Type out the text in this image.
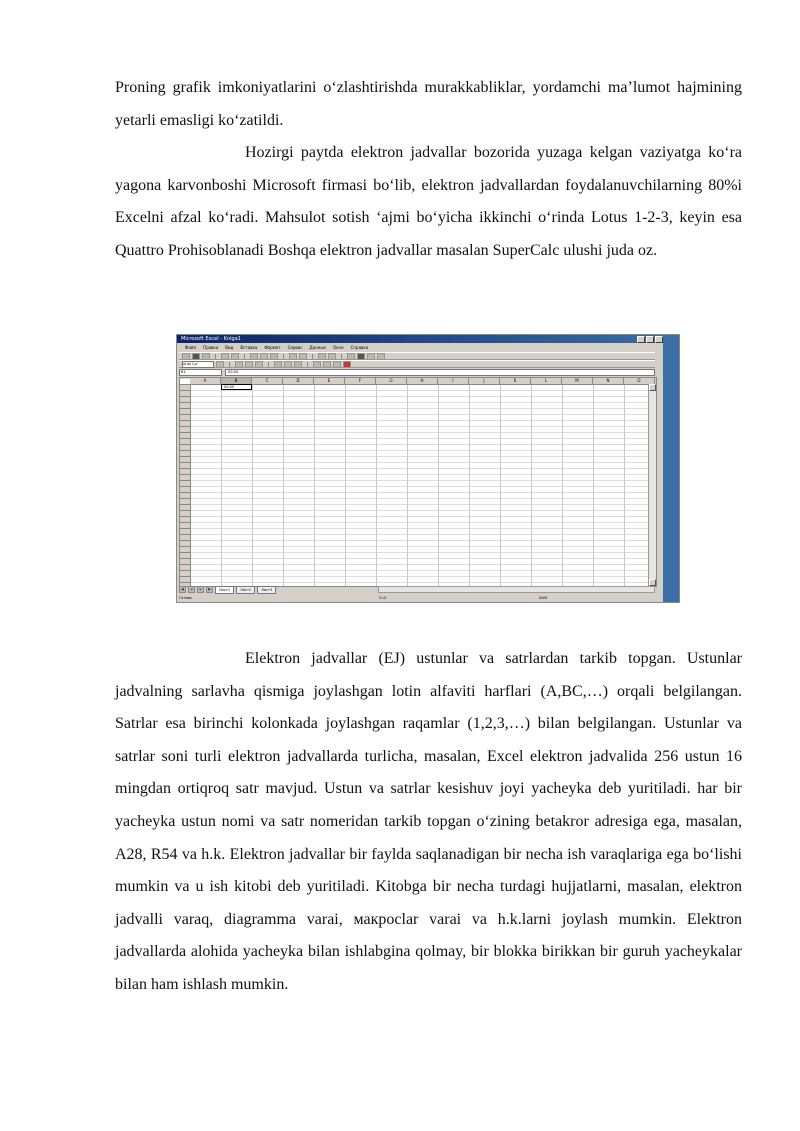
Proning grafik imkoniyatlarini o‘zlashtirishda murakkabliklar, yordamchi ma’lumot hajmining yetarli emasligi ko‘zatildi.

Hozirgi paytda elektron jadvallar bozorida yuzaga kelgan vaziyatga ko‘ra yagona karvonboshi Microsoft firmasi bo‘lib, elektron jadvallardan foydalanuvchilarning 80%i Excelni afzal ko‘radi. Mahsulot sotish ‘ajmi bo‘yicha ikkinchi o‘rinda Lotus 1-2-3, keyin esa Quattro Prohisoblanadi Boshqa elektron jadvallar masalan SuperCalc ulushi juda oz.

Microsoft Excel - Kniga1
Файл Правка Вид Вставка Формат Сервис Данные Окно Справка
Arial Cyr
B1	00:00
A	B	C	D	E	F	G	H	I	J	K	L	M	N	O
00:00
◀	◂	▸	▶	Лист1	Лист2	Лист3
Готово	Σ=0	NUM

Elektron jadvallar (EJ) ustunlar va satrlardan tarkib topgan. Ustunlar jadvalning sarlavha qismiga joylashgan lotin alfaviti harflari (A,BC,…) orqali belgilangan. Satrlar esa birinchi kolonkada joylashgan raqamlar (1,2,3,…) bilan belgilangan. Ustunlar va satrlar soni turli elektron jadvallarda turlicha, masalan, Excel elektron jadvalida 256 ustun 16 mingdan ortiqroq satr mavjud. Ustun va satrlar kesishuv joyi yacheyka deb yuritiladi. har bir yacheyka ustun nomi va satr nomeridan tarkib topgan o‘zining betakror adresiga ega, masalan, A28, R54 va h.k. Elektron jadvallar bir faylda saqlanadigan bir necha ish varaqlariga ega bo‘lishi mumkin va u ish kitobi deb yuritiladi. Kitobga bir necha turdagi hujjatlarni, masalan, elektron jadvalli varaq, diagramma varai, макрoclar varai va h.k.larni joylash mumkin. Elektron jadvallarda alohida yacheyka bilan ishlabgina qolmay, bir blokka birikkan bir guruh yacheykalar bilan ham ishlash mumkin.
